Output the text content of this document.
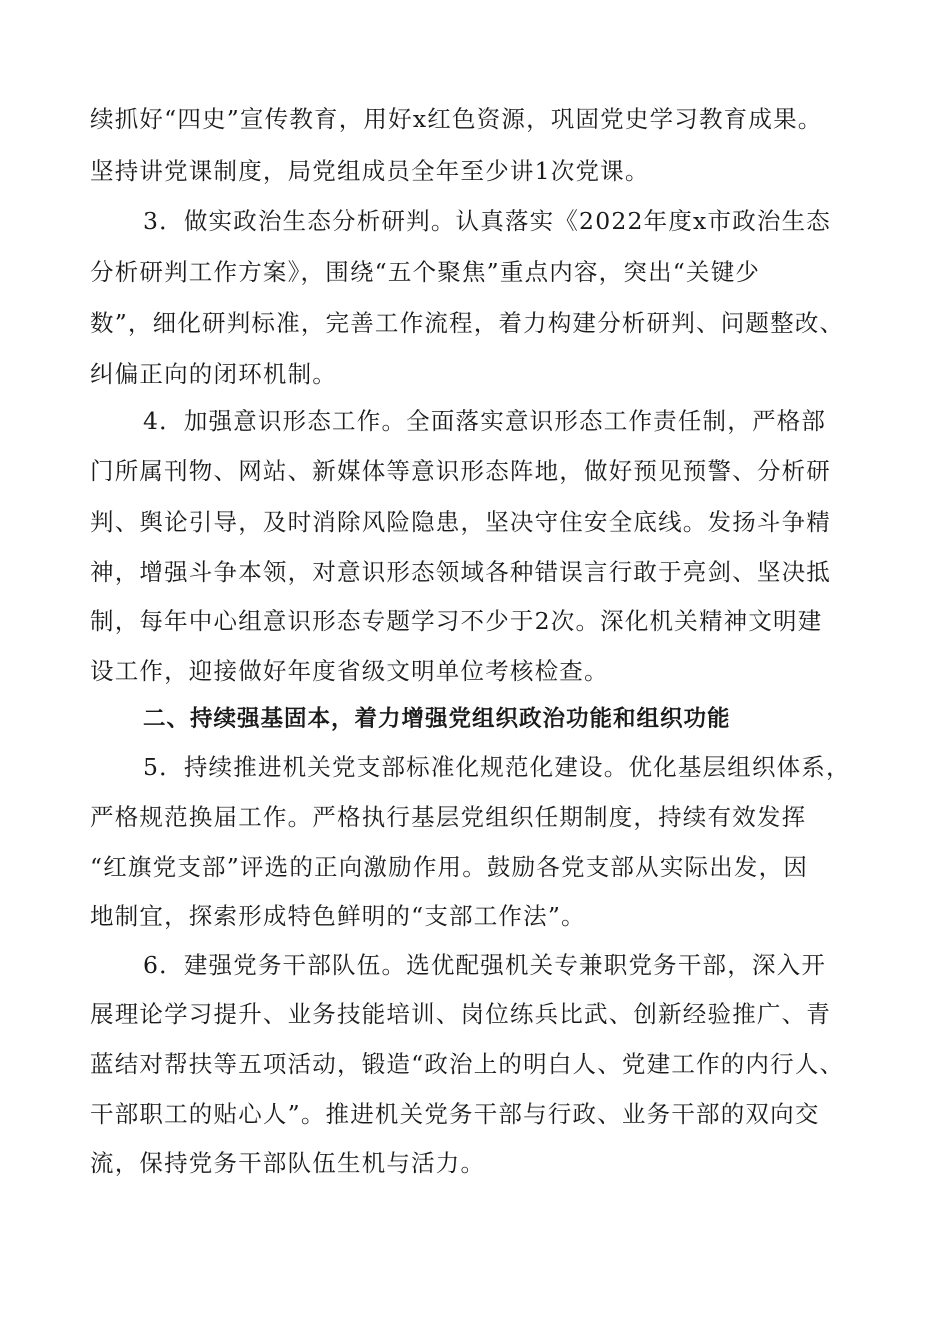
续抓好“四史”宣传教育，用好x红色资源，巩固党史学习教育成果。
坚持讲党课制度，局党组成员全年至少讲1次党课。
3．做实政治生态分析研判。认真落实《2022年度x市政治生态
分析研判工作方案》，围绕“五个聚焦”重点内容，突出“关键少
数”，细化研判标准，完善工作流程，着力构建分析研判、问题整改、
纠偏正向的闭环机制。
4．加强意识形态工作。全面落实意识形态工作责任制，严格部
门所属刊物、网站、新媒体等意识形态阵地，做好预见预警、分析研
判、舆论引导，及时消除风险隐患，坚决守住安全底线。发扬斗争精
神，增强斗争本领，对意识形态领域各种错误言行敢于亮剑、坚决抵
制，每年中心组意识形态专题学习不少于2次。深化机关精神文明建
设工作，迎接做好年度省级文明单位考核检查。
二、持续强基固本，着力增强党组织政治功能和组织功能
5．持续推进机关党支部标准化规范化建设。优化基层组织体系，
严格规范换届工作。严格执行基层党组织任期制度，持续有效发挥
“红旗党支部”评选的正向激励作用。鼓励各党支部从实际出发，因
地制宜，探索形成特色鲜明的“支部工作法”。
6．建强党务干部队伍。选优配强机关专兼职党务干部，深入开
展理论学习提升、业务技能培训、岗位练兵比武、创新经验推广、青
蓝结对帮扶等五项活动，锻造“政治上的明白人、党建工作的内行人、
干部职工的贴心人”。推进机关党务干部与行政、业务干部的双向交
流，保持党务干部队伍生机与活力。
